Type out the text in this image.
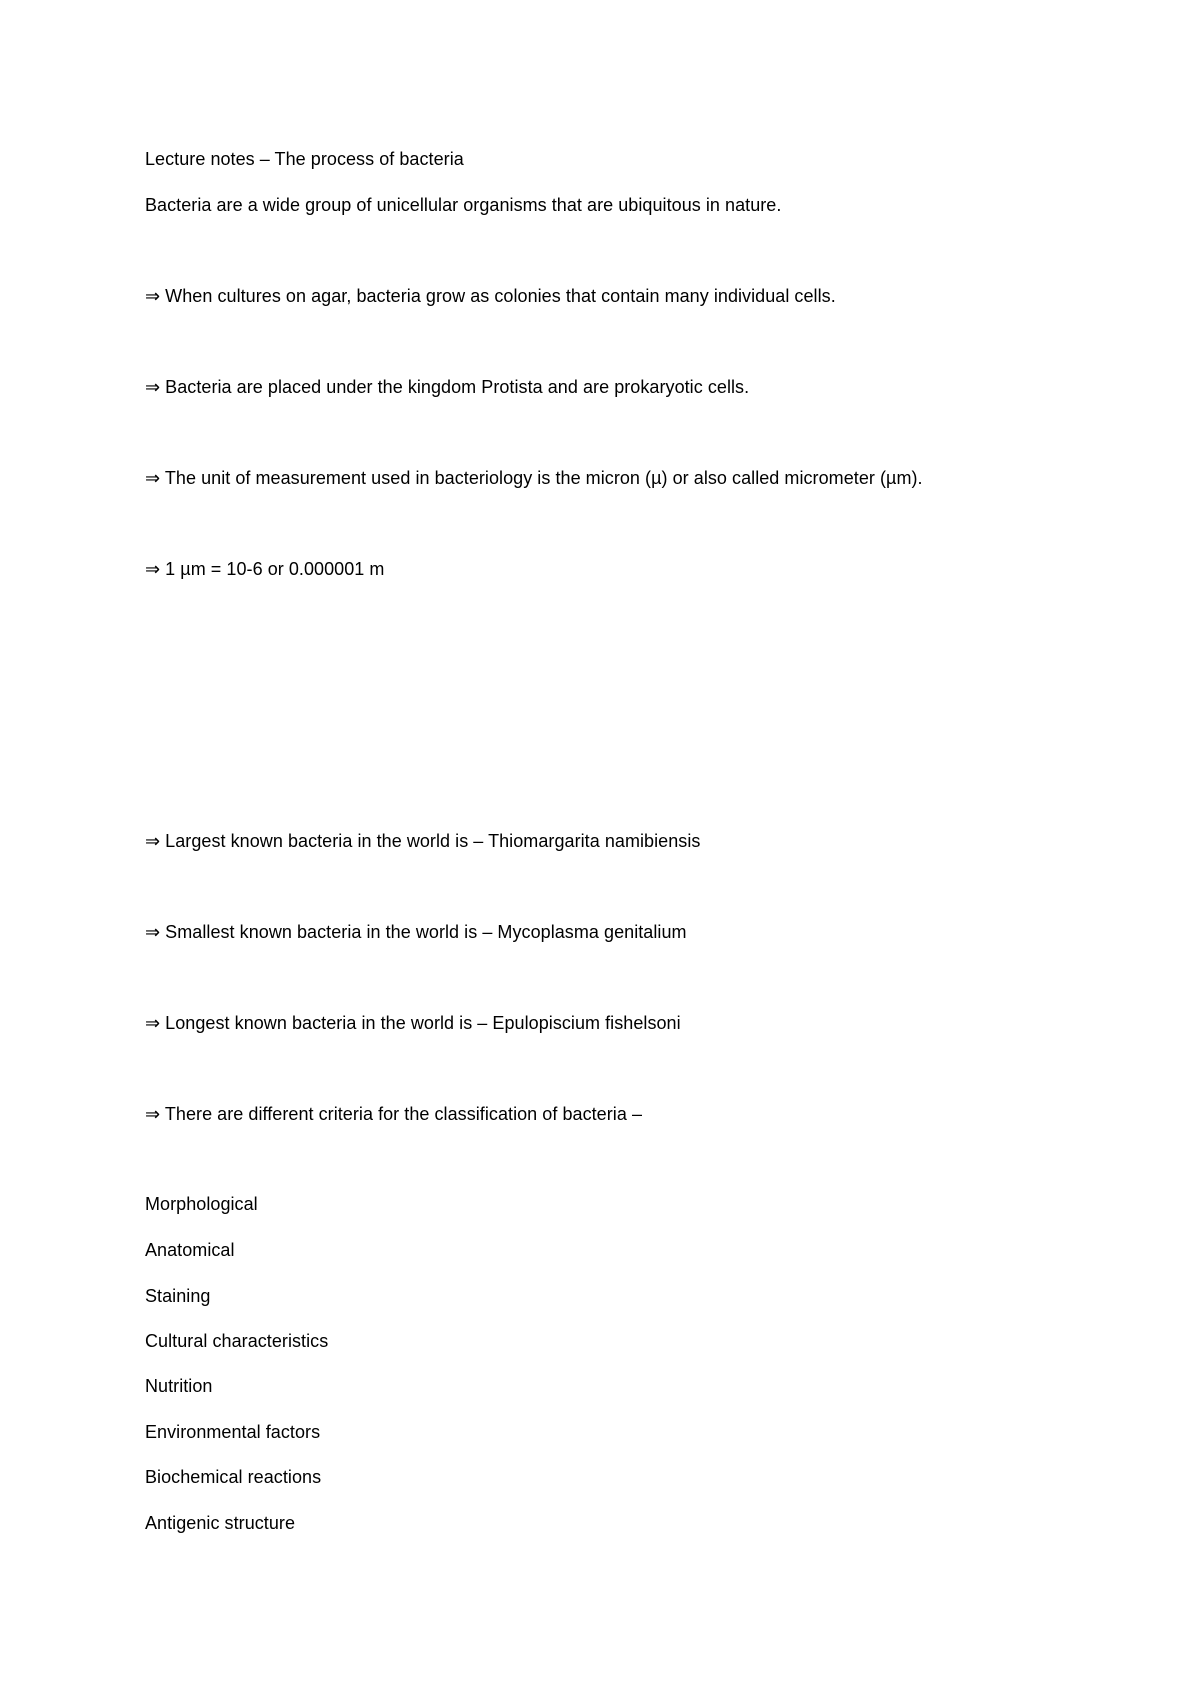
Lecture notes – The process of bacteria
Bacteria are a wide group of unicellular organisms that are ubiquitous in nature.
⇒ When cultures on agar, bacteria grow as colonies that contain many individual cells.
⇒ Bacteria are placed under the kingdom Protista and are prokaryotic cells.
⇒ The unit of measurement used in bacteriology is the micron (µ) or also called micrometer (µm).
⇒ 1 µm = 10-6 or 0.000001 m
⇒ Largest known bacteria in the world is – Thiomargarita namibiensis
⇒ Smallest known bacteria in the world is – Mycoplasma genitalium
⇒ Longest known bacteria in the world is – Epulopiscium fishelsoni
⇒ There are different criteria for the classification of bacteria –
Morphological
Anatomical
Staining
Cultural characteristics
Nutrition
Environmental factors
Biochemical reactions
Antigenic structure
